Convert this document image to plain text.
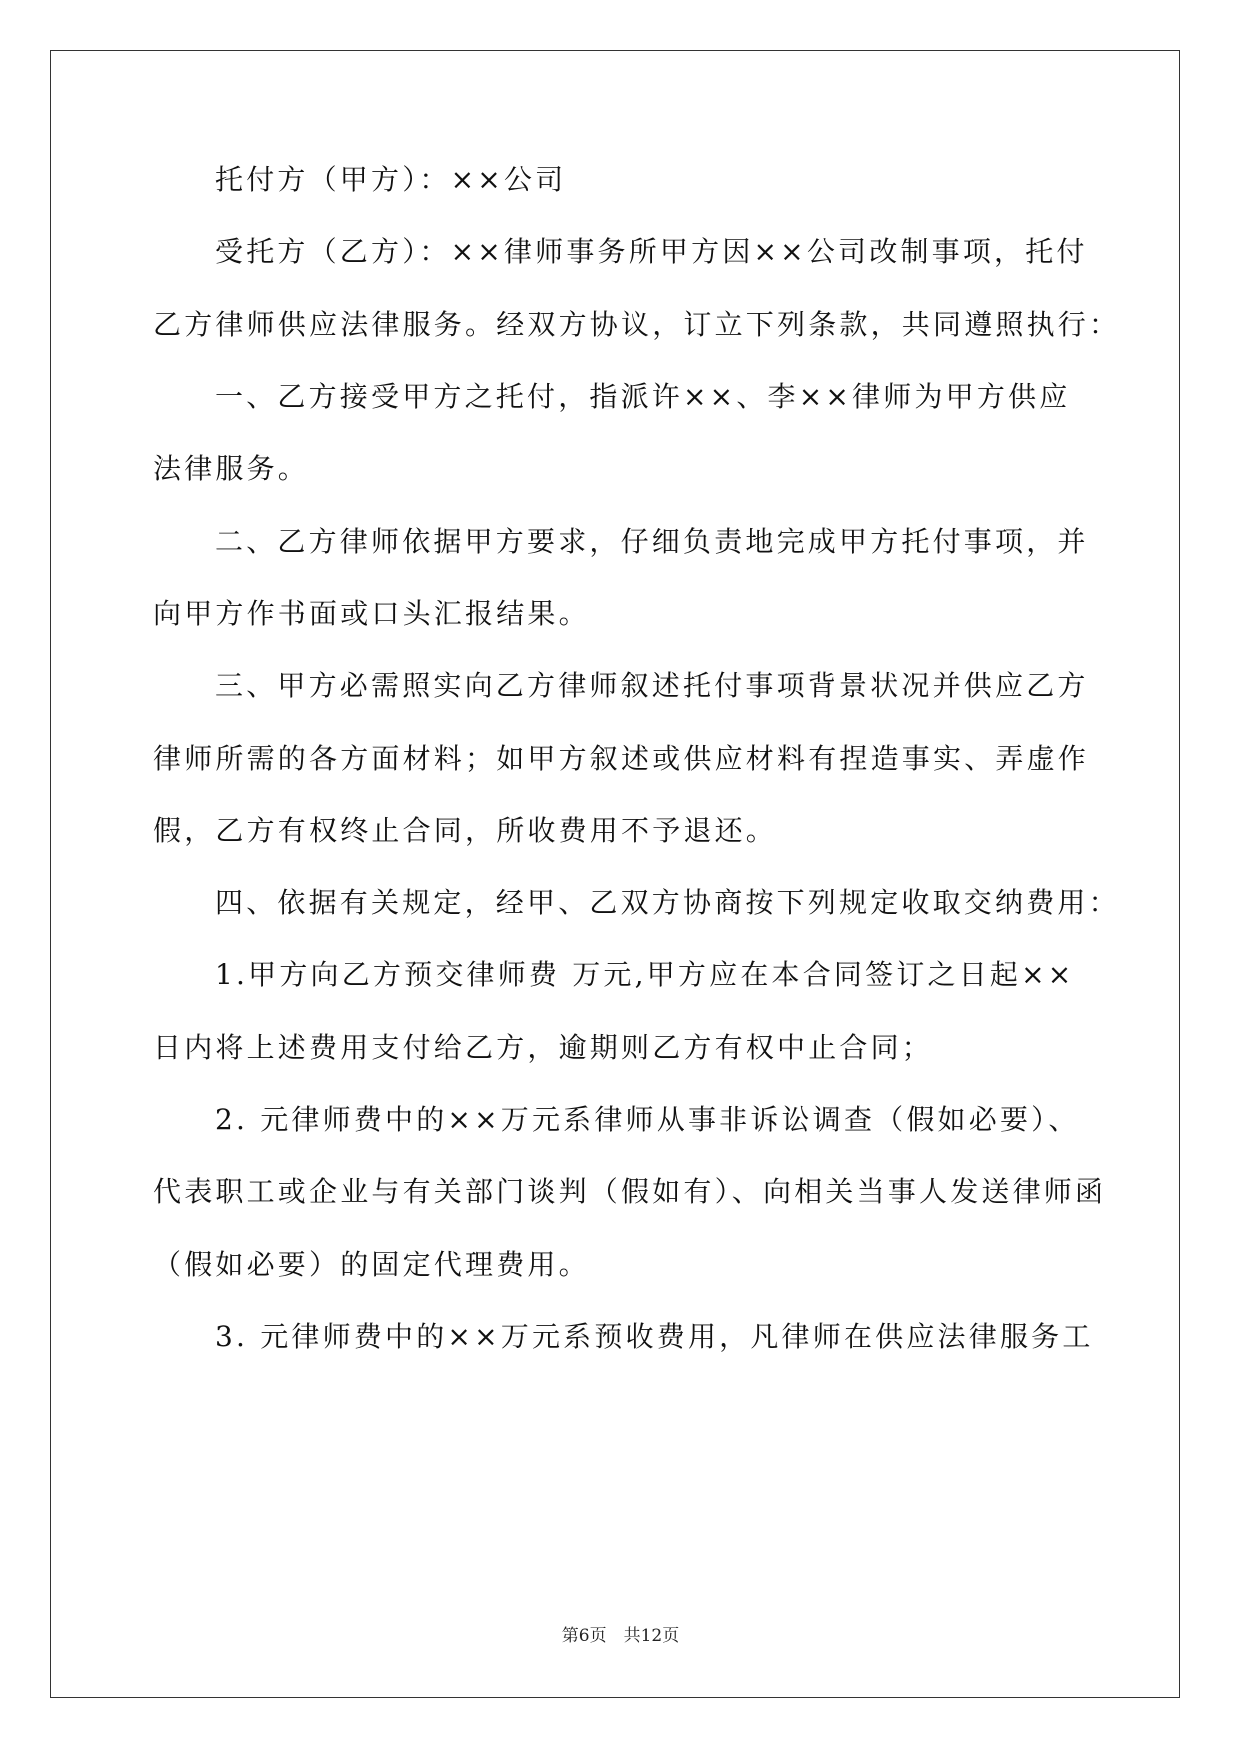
托付方（甲方）：××公司
受托方（乙方）：××律师事务所甲方因××公司改制事项，托付
乙方律师供应法律服务。经双方协议，订立下列条款，共同遵照执行：
一、乙方接受甲方之托付，指派许××、李××律师为甲方供应
法律服务。
二、乙方律师依据甲方要求，仔细负责地完成甲方托付事项，并
向甲方作书面或口头汇报结果。
三、甲方必需照实向乙方律师叙述托付事项背景状况并供应乙方
律师所需的各方面材料；如甲方叙述或供应材料有捏造事实、弄虚作
假，乙方有权终止合同，所收费用不予退还。
四、依据有关规定，经甲、乙双方协商按下列规定收取交纳费用：
1.甲方向乙方预交律师费 万元,甲方应在本合同签订之日起××
日内将上述费用支付给乙方，逾期则乙方有权中止合同；
2. 元律师费中的××万元系律师从事非诉讼调查（假如必要）、
代表职工或企业与有关部门谈判（假如有）、向相关当事人发送律师函
（假如必要）的固定代理费用。
3. 元律师费中的××万元系预收费用，凡律师在供应法律服务工
第6页　共12页
